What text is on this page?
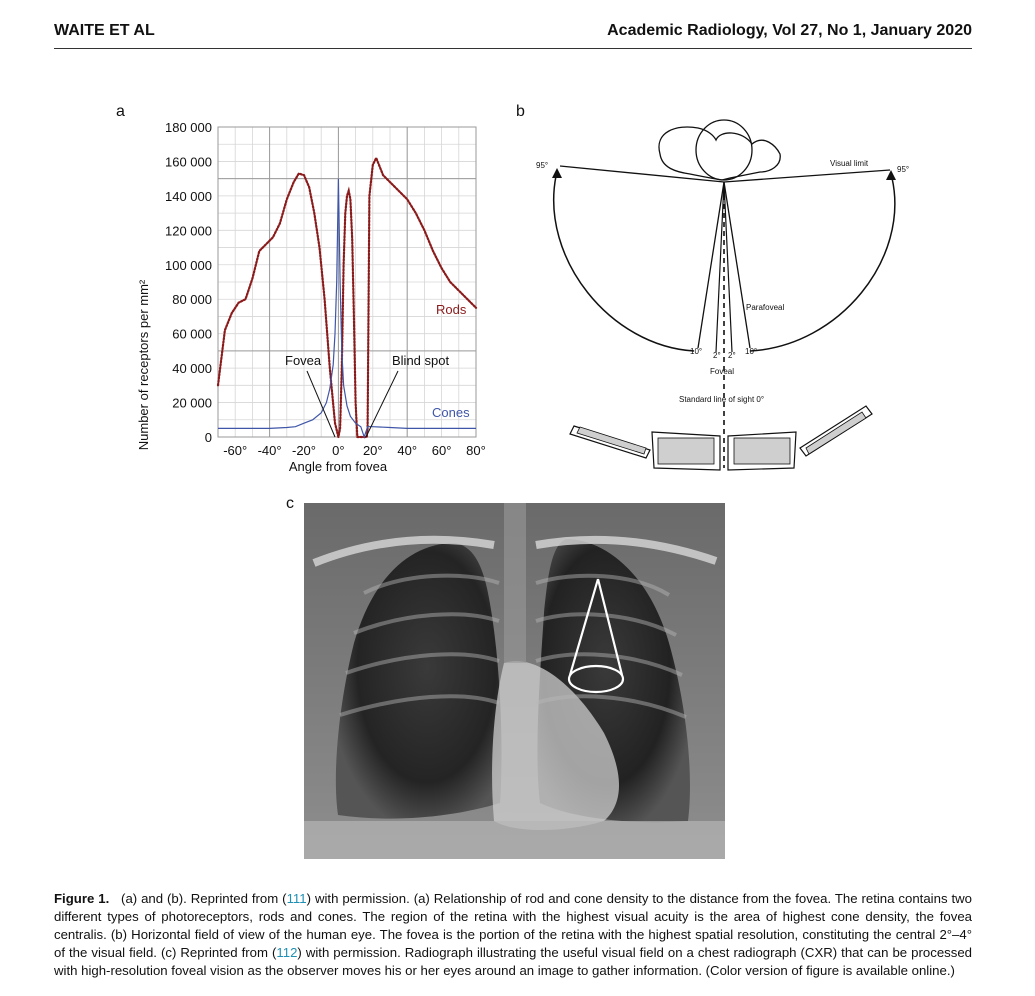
WAITE ET AL	Academic Radiology, Vol 27, No 1, January 2020
a	b
c
180 000
160 000
140 000
120 000
100 000
80 000
60 000
40 000
20 000
0
-60° -40° -20° 0° 20° 40° 60° 80°
Number of receptors per mm²
Angle from fovea
Rods
Cones
Fovea	Blind spot
95°	95°
Visual limit
Parafoveal
10°	10°
2° 2°
Foveal
Standard line of sight 0°

Figure 1. (a) and (b). Reprinted from (111) with permission. (a) Relationship of rod and cone density to the distance from the fovea. The retina contains two different types of photoreceptors, rods and cones. The region of the retina with the highest visual acuity is the area of highest cone density, the fovea centralis. (b) Horizontal field of view of the human eye. The fovea is the portion of the retina with the highest spatial resolution, constituting the central 2°–4° of the visual field. (c) Reprinted from (112) with permission. Radiograph illustrating the useful visual field on a chest radiograph (CXR) that can be processed with high-resolution foveal vision as the observer moves his or her eyes around an image to gather information. (Color version of figure is available online.)
